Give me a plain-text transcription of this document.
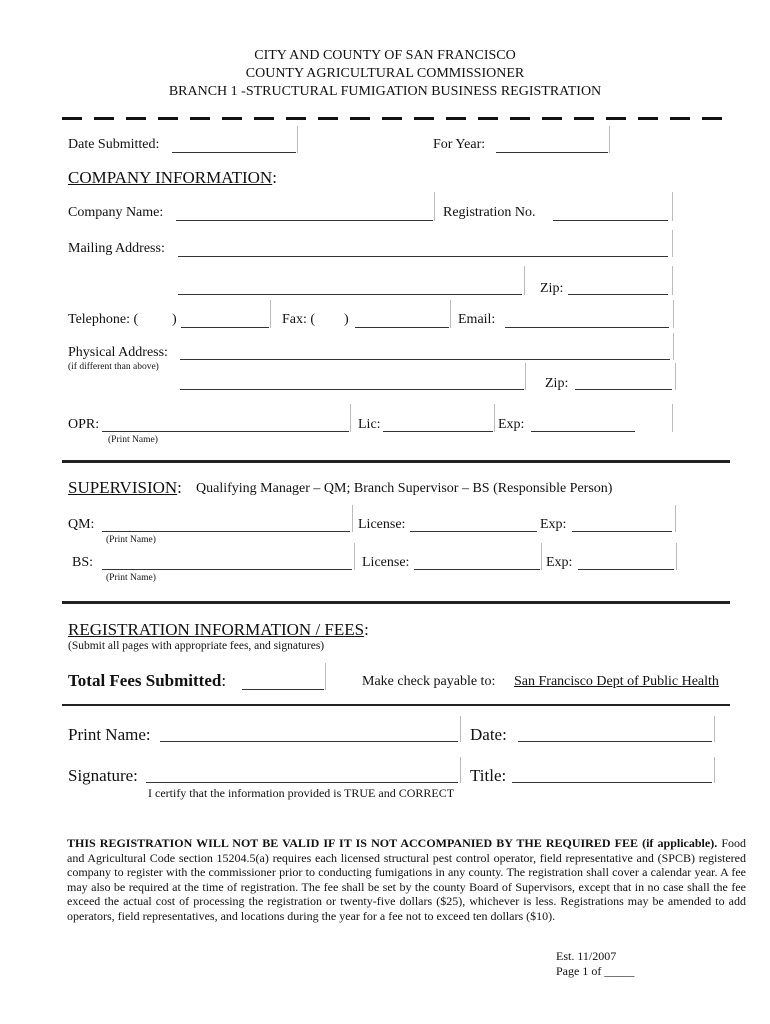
CITY AND COUNTY OF SAN FRANCISCO
COUNTY AGRICULTURAL COMMISSIONER
BRANCH 1 -STRUCTURAL FUMIGATION BUSINESS REGISTRATION
Date Submitted:	For Year:
COMPANY INFORMATION:
Company Name:	Registration No.
Mailing Address:
Zip:
Telephone: ( )	Fax: ( )	Email:
Physical Address:
(if different than above)
Zip:
OPR:	Lic:	Exp:
(Print Name)
SUPERVISION: Qualifying Manager – QM; Branch Supervisor – BS (Responsible Person)
QM:	License:	Exp:
(Print Name)
BS:	License:	Exp:
(Print Name)
REGISTRATION INFORMATION / FEES:
(Submit all pages with appropriate fees, and signatures)
Total Fees Submitted:	Make check payable to: San Francisco Dept of Public Health
Print Name:	Date:
Signature:	Title:
I certify that the information provided is TRUE and CORRECT
THIS REGISTRATION WILL NOT BE VALID IF IT IS NOT ACCOMPANIED BY THE REQUIRED FEE (if applicable). Food and Agricultural Code section 15204.5(a) requires each licensed structural pest control operator, field representative and (SPCB) registered company to register with the commissioner prior to conducting fumigations in any county. The registration shall cover a calendar year. A fee may also be required at the time of registration. The fee shall be set by the county Board of Supervisors, except that in no case shall the fee exceed the actual cost of processing the registration or twenty-five dollars ($25), whichever is less. Registrations may be amended to add operators, field representatives, and locations during the year for a fee not to exceed ten dollars ($10).
Est. 11/2007
Page 1 of _____
